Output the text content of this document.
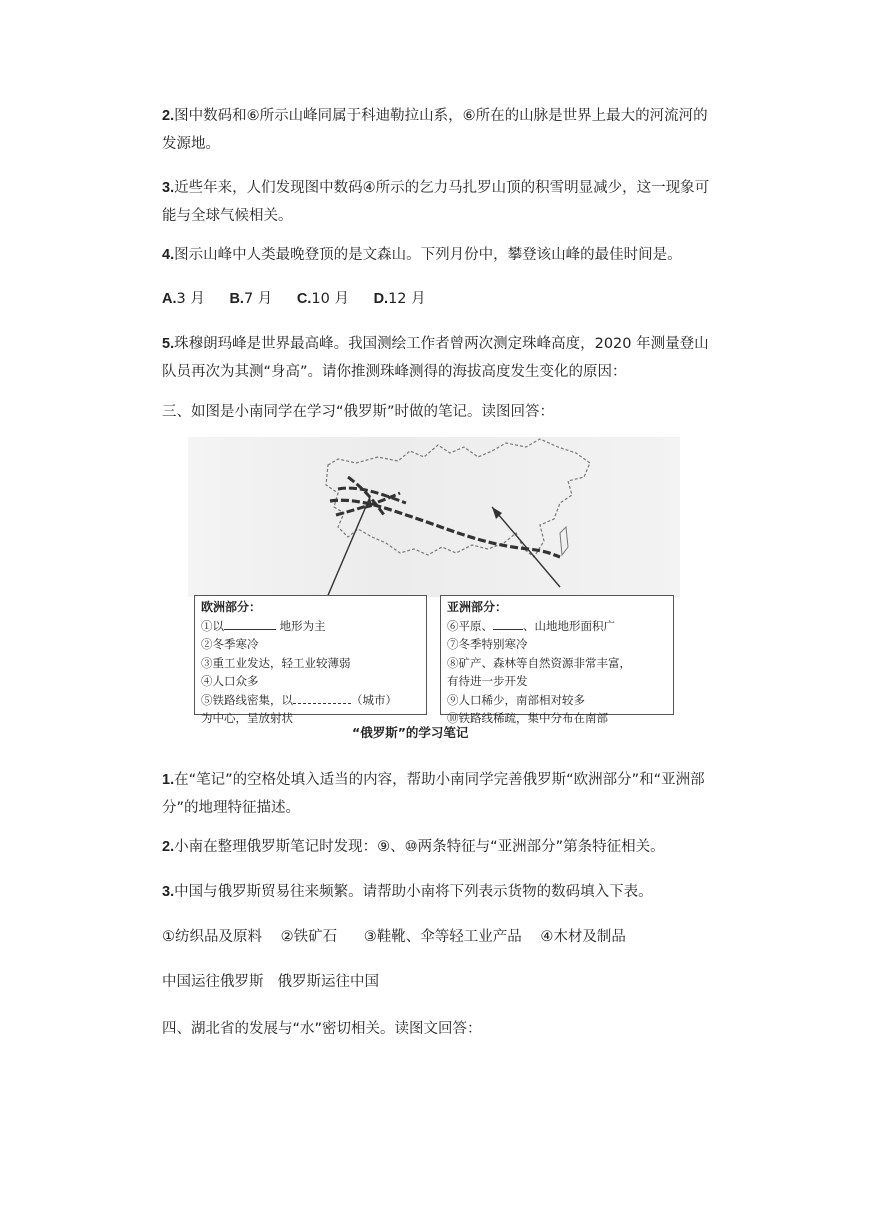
2.图中数码和⑥所示山峰同属于科迪勒拉山系，⑥所在的山脉是世界上最大的河流河的发源地。

3.近些年来，人们发现图中数码④所示的乞力马扎罗山顶的积雪明显减少，这一现象可能与全球气候相关。

4.图示山峰中人类最晚登顶的是文森山。下列月份中，攀登该山峰的最佳时间是。

A.3 月 B.7 月 C.10 月 D.12 月

5.珠穆朗玛峰是世界最高峰。我国测绘工作者曾两次测定珠峰高度，2020 年测量登山队员再次为其测“身高”。请你推测珠峰测得的海拔高度发生变化的原因：

三、如图是小南同学在学习“俄罗斯”时做的笔记。读图回答：

欧洲部分：
①以	地形为主
②冬季寒冷
③重工业发达，轻工业较薄弱
④人口众多
⑤铁路线密集，以	（城市）
为中心，呈放射状
亚洲部分：
⑥平原、	、山地地形面积广
⑦冬季特别寒冷
⑧矿产、森林等自然资源非常丰富，
有待进一步开发
⑨人口稀少，南部相对较多
⑩铁路线稀疏，集中分布在南部
“俄罗斯”的学习笔记

1.在“笔记”的空格处填入适当的内容，帮助小南同学完善俄罗斯“欧洲部分”和“亚洲部分”的地理特征描述。

2.小南在整理俄罗斯笔记时发现：⑨、⑩两条特征与“亚洲部分”第条特征相关。

3.中国与俄罗斯贸易往来频繁。请帮助小南将下列表示货物的数码填入下表。

①纺织品及原料 ②铁矿石 ③鞋靴、伞等轻工业产品 ④木材及制品

中国运往俄罗斯 俄罗斯运往中国

四、湖北省的发展与“水”密切相关。读图文回答：
